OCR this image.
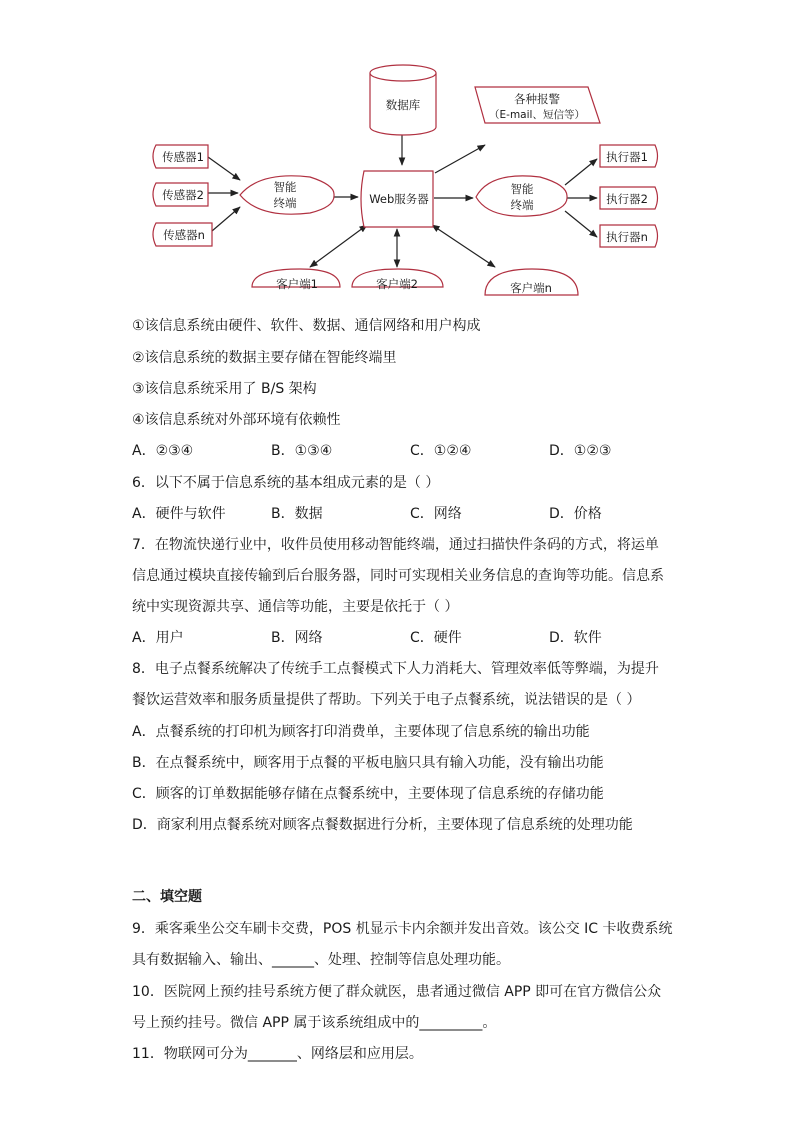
数据库	各种报警
（E-mail、短信等）
传感器1
传感器2
传感器n
智能
终端	Web服务器
智能
终端
执行器1
执行器2
执行器n
客户端1	客户端2	客户端n
①该信息系统由硬件、软件、数据、通信网络和用户构成
②该信息系统的数据主要存储在智能终端里
③该信息系统采用了 B/S 架构
④该信息系统对外部环境有依赖性
A．②③④	B．①③④	C．①②④	D．①②③
6．以下不属于信息系统的基本组成元素的是（ ）
A．硬件与软件	B．数据	C．网络	D．价格
7．在物流快递行业中，收件员使用移动智能终端，通过扫描快件条码的方式，将运单
信息通过模块直接传输到后台服务器，同时可实现相关业务信息的查询等功能。信息系
统中实现资源共享、通信等功能，主要是依托于（ ）
A．用户	B．网络	C．硬件	D．软件
8．电子点餐系统解决了传统手工点餐模式下人力消耗大、管理效率低等弊端，为提升
餐饮运营效率和服务质量提供了帮助。下列关于电子点餐系统，说法错误的是（ ）
A．点餐系统的打印机为顾客打印消费单，主要体现了信息系统的输出功能
B．在点餐系统中，顾客用于点餐的平板电脑只具有输入功能，没有输出功能
C．顾客的订单数据能够存储在点餐系统中，主要体现了信息系统的存储功能
D．商家利用点餐系统对顾客点餐数据进行分析，主要体现了信息系统的处理功能
二、填空题
9．乘客乘坐公交车刷卡交费，POS 机显示卡内余额并发出音效。该公交 IC 卡收费系统
具有数据输入、输出、______、处理、控制等信息处理功能。
10．医院网上预约挂号系统方便了群众就医，患者通过微信 APP 即可在官方微信公众
号上预约挂号。微信 APP 属于该系统组成中的_________。
11．物联网可分为_______、网络层和应用层。
